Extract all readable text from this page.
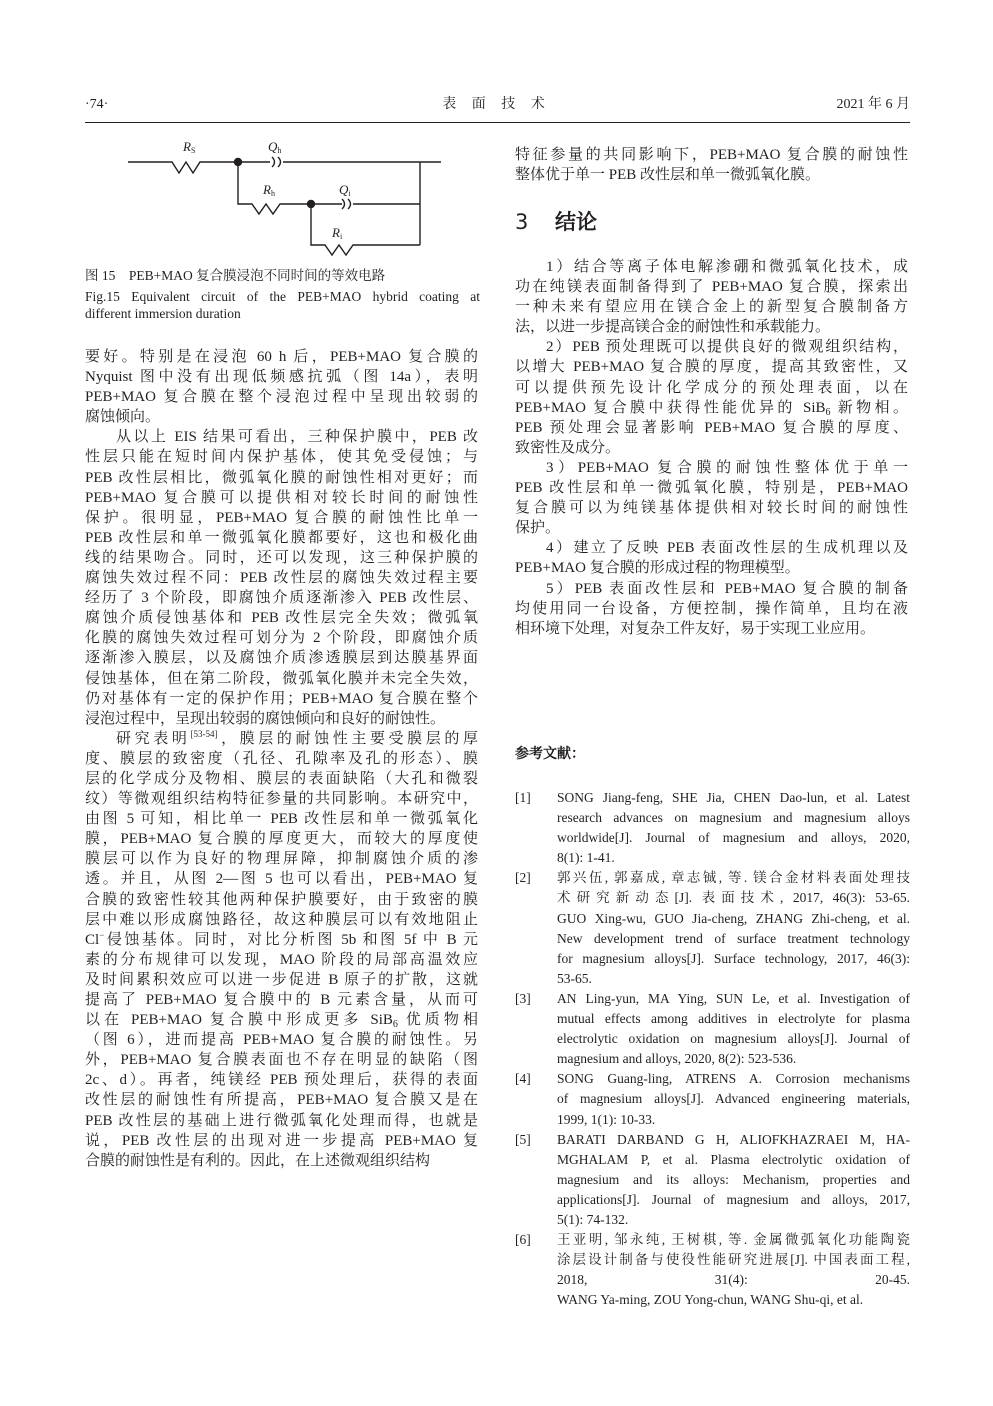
·74·	表 面 技 术	2021 年 6 月
RS	Qh
Rh	Qi
Ri
图 15　PEB+MAO 复合膜浸泡不同时间的等效电路
Fig.15 Equivalent circuit of the PEB+MAO hybrid coating at
different immersion duration
要好。特别是在浸泡 60 h 后，PEB+MAO 复合膜的
Nyquist 图中没有出现低频感抗弧（图 14a），表明
PEB+MAO 复合膜在整个浸泡过程中呈现出较弱的
腐蚀倾向。
从以上 EIS 结果可看出，三种保护膜中，PEB 改
性层只能在短时间内保护基体，使其免受侵蚀；与
PEB 改性层相比，微弧氧化膜的耐蚀性相对更好；而
PEB+MAO 复合膜可以提供相对较长时间的耐蚀性
保护。很明显，PEB+MAO 复合膜的耐蚀性比单一
PEB 改性层和单一微弧氧化膜都要好，这也和极化曲
线的结果吻合。同时，还可以发现，这三种保护膜的
腐蚀失效过程不同：PEB 改性层的腐蚀失效过程主要
经历了 3 个阶段，即腐蚀介质逐渐渗入 PEB 改性层、
腐蚀介质侵蚀基体和 PEB 改性层完全失效；微弧氧
化膜的腐蚀失效过程可划分为 2 个阶段，即腐蚀介质
逐渐渗入膜层，以及腐蚀介质渗透膜层到达膜基界面
侵蚀基体，但在第二阶段，微弧氧化膜并未完全失效，
仍对基体有一定的保护作用；PEB+MAO 复合膜在整个
浸泡过程中，呈现出较弱的腐蚀倾向和良好的耐蚀性。
研究表明[53-54]，膜层的耐蚀性主要受膜层的厚
度、膜层的致密度（孔径、孔隙率及孔的形态）、膜
层的化学成分及物相、膜层的表面缺陷（大孔和微裂
纹）等微观组织结构特征参量的共同影响。本研究中，
由图 5 可知，相比单一 PEB 改性层和单一微弧氧化
膜，PEB+MAO 复合膜的厚度更大，而较大的厚度使
膜层可以作为良好的物理屏障，抑制腐蚀介质的渗
透。并且，从图 2—图 5 也可以看出，PEB+MAO 复
合膜的致密性较其他两种保护膜要好，由于致密的膜
层中难以形成腐蚀路径，故这种膜层可以有效地阻止
Cl−侵蚀基体。同时，对比分析图 5b 和图 5f 中 B 元
素的分布规律可以发现，MAO 阶段的局部高温效应
及时间累积效应可以进一步促进 B 原子的扩散，这就
提高了 PEB+MAO 复合膜中的 B 元素含量，从而可
以在 PEB+MAO 复合膜中形成更多 SiB$_6$ 优质物相
（图 6），进而提高 PEB+MAO 复合膜的耐蚀性。另
外，PEB+MAO 复合膜表面也不存在明显的缺陷（图
2c、d）。再者，纯镁经 PEB 预处理后，获得的表面
改性层的耐蚀性有所提高，PEB+MAO 复合膜又是在
PEB 改性层的基础上进行微弧氧化处理而得，也就是
说，PEB 改性层的出现对进一步提高 PEB+MAO 复
合膜的耐蚀性是有利的。因此，在上述微观组织结构
特征参量的共同影响下，PEB+MAO 复合膜的耐蚀性
整体优于单一 PEB 改性层和单一微弧氧化膜。
3 结论
1）结合等离子体电解渗硼和微弧氧化技术，成
功在纯镁表面制备得到了 PEB+MAO 复合膜，探索出
一种未来有望应用在镁合金上的新型复合膜制备方
法，以进一步提高镁合金的耐蚀性和承载能力。
2）PEB 预处理既可以提供良好的微观组织结构，
以增大 PEB+MAO 复合膜的厚度，提高其致密性，又
可以提供预先设计化学成分的预处理表面，以在
PEB+MAO 复合膜中获得性能优异的 SiB$_6$ 新物相。
PEB 预处理会显著影响 PEB+MAO 复合膜的厚度、
致密性及成分。
3）PEB+MAO 复合膜的耐蚀性整体优于单一
PEB 改性层和单一微弧氧化膜，特别是，PEB+MAO
复合膜可以为纯镁基体提供相对较长时间的耐蚀性
保护。
4）建立了反映 PEB 表面改性层的生成机理以及
PEB+MAO 复合膜的形成过程的物理模型。
5）PEB 表面改性层和 PEB+MAO 复合膜的制备
均使用同一台设备，方便控制，操作简单，且均在液
相环境下处理，对复杂工件友好，易于实现工业应用。
参考文献：
[1] SONG Jiang-feng, SHE Jia, CHEN Dao-lun, et al. Latest
research advances on magnesium and magnesium alloys
worldwide[J]. Journal of magnesium and alloys, 2020,
8(1): 1-41.
[2] 郭兴伍, 郭嘉成, 章志铖, 等. 镁合金材料表面处理技
术研究新动态[J]. 表面技术, 2017, 46(3): 53-65.
GUO Xing-wu, GUO Jia-cheng, ZHANG Zhi-cheng, et al.
New development trend of surface treatment technology
for magnesium alloys[J]. Surface technology, 2017, 46(3):
53-65.
[3] AN Ling-yun, MA Ying, SUN Le, et al. Investigation of
mutual effects among additives in electrolyte for plasma
electrolytic oxidation on magnesium alloys[J]. Journal of
magnesium and alloys, 2020, 8(2): 523-536.
[4] SONG Guang-ling, ATRENS A. Corrosion mechanisms
of magnesium alloys[J]. Advanced engineering materials,
1999, 1(1): 10-33.
[5] BARATI DARBAND G H, ALIOFKHAZRAEI M, HA-
MGHALAM P, et al. Plasma electrolytic oxidation of
magnesium and its alloys: Mechanism, properties and
applications[J]. Journal of magnesium and alloys, 2017,
5(1): 74-132.
[6] 王亚明, 邹永纯, 王树棋, 等. 金属微弧氧化功能陶瓷
涂层设计制备与使役性能研究进展[J]. 中国表面工程,
2018, 31(4): 20-45.
WANG Ya-ming, ZOU Yong-chun, WANG Shu-qi, et al.
